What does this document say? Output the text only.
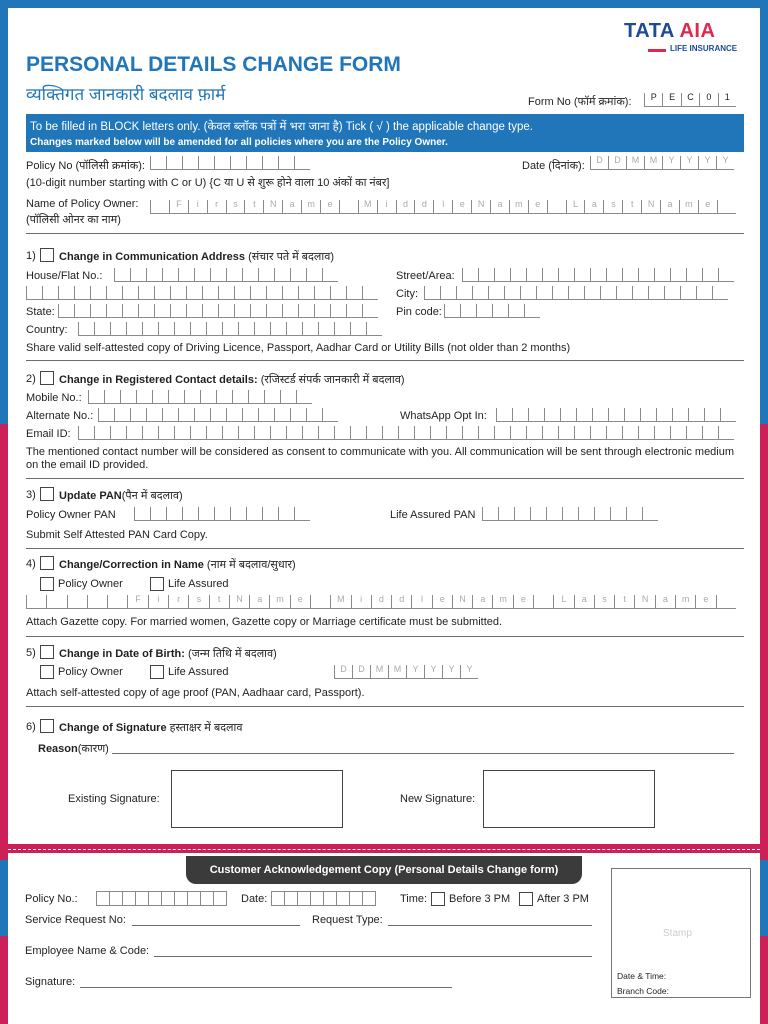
TATA AIA
LIFE INSURANCE
PERSONAL DETAILS CHANGE FORM
व्यक्तिगत जानकारी बदलाव फ़ार्म	Form No (फॉर्म क्रमांक):	P	E	C	0	1
To be filled in BLOCK letters only. (केवल ब्लॉक पत्रों में भरा जाना है) Tick ( √ ) the applicable change type.
Changes marked below will be amended for all policies where you are the Policy Owner.
Policy No (पॉलिसी क्रमांक):	Date (दिनांक):	D	D	M	M	Y	Y	Y	Y
(10-digit number starting with C or U) {C या U से शुरू होने वाला 10 अंकों का नंबर]
Name of Policy Owner:
(पॉलिसी ओनर का नाम)
F	i	r	s	t	N	a	m	e	M	i	d	d	l	e	N	a	m	e	L	a	s	t	N	a	m	e
1) Change in Communication Address (संचार पते में बदलाव)
House/Flat No.:	Street/Area:
City:
State:	Pin code:
Country:
Share valid self-attested copy of Driving Licence, Passport, Aadhar Card or Utility Bills (not older than 2 months)
2) Change in Registered Contact details: (रजिस्टर्ड संपर्क जानकारी में बदलाव)
Mobile No.:
Alternate No.:	WhatsApp Opt In:
Email ID:
The mentioned contact number will be considered as consent to communicate with you. All communication will be sent through electronic medium on the email ID provided.
3) Update PAN(पैन में बदलाव)
Policy Owner PAN	Life Assured PAN
Submit Self Attested PAN Card Copy.
4) Change/Correction in Name (नाम में बदलाव/सुधार)
Policy Owner	Life Assured
F	i	r	s	t	N	a	m	e	M	i	d	d	l	e	N	a	m	e	L	a	s	t	N	a	m	e
Attach Gazette copy. For married women, Gazette copy or Marriage certificate must be submitted.
5) Change in Date of Birth: (जन्म तिथि में बदलाव)
Policy Owner	Life Assured	D	D	M	M	Y	Y	Y	Y
Attach self-attested copy of age proof (PAN, Aadhaar card, Passport).
6) Change of Signature हस्ताक्षर में बदलाव
Reason(कारण)
Existing Signature:	New Signature:
Customer Acknowledgement Copy (Personal Details Change form)
Policy No.:	Date:	Time: Before 3 PM After 3 PM
Service Request No:	Request Type:
Employee Name & Code:
Signature:
Stamp
Date & Time:
Branch Code:
